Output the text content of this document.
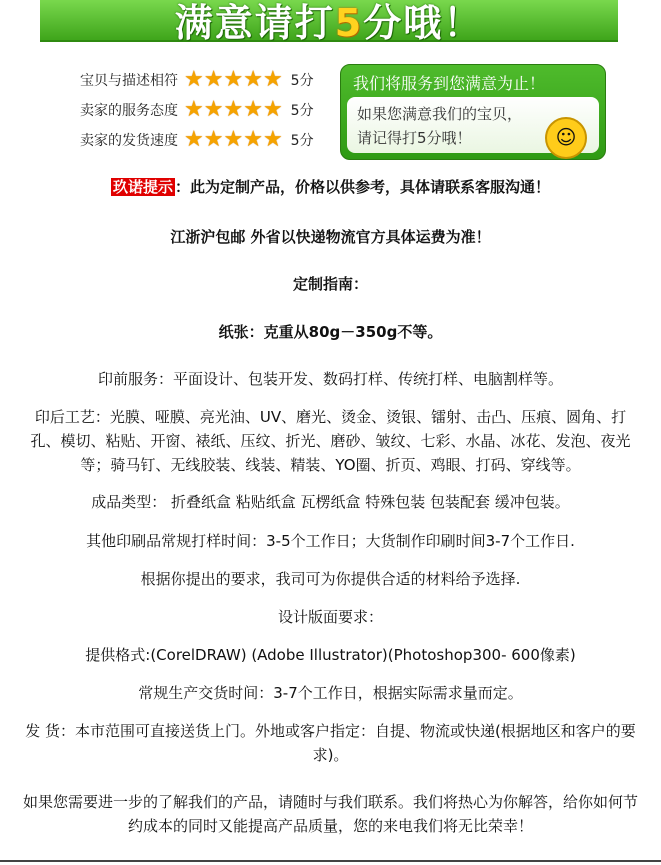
满意请打5分哦！
宝贝与描述相符 ★ ★ ★ ★ ★ 5分
卖家的服务态度 ★ ★ ★ ★ ★ 5分
卖家的发货速度 ★ ★ ★ ★ ★ 5分
我们将服务到您满意为止！
如果您满意我们的宝贝，
请记得打5分哦！	☺
玖诺提示 ：此为定制产品，价格以供参考，具体请联系客服沟通！
江浙沪包邮 外省以快递物流官方具体运费为准！
定制指南：
纸张：克重从80g－350g不等。
印前服务：平面设计、包装开发、数码打样、传统打样、电脑割样等。
印后工艺：光膜、哑膜、亮光油、UV、磨光、烫金、烫银、镭射、击凸、压痕、圆角、打
孔、模切、粘贴、开窗、裱纸、压纹、折光、磨砂、皱纹、七彩、水晶、冰花、发泡、夜光
等；骑马钉、无线胶装、线装、精装、YO圈、折页、鸡眼、打码、穿线等。
成品类型： 折叠纸盒 粘贴纸盒 瓦楞纸盒 特殊包装 包装配套 缓冲包装。
其他印刷品常规打样时间：3-5个工作日；大货制作印刷时间3-7个工作日.
根据你提出的要求，我司可为你提供合适的材料给予选择.
设计版面要求：
提供格式:(CorelDRAW) (Adobe Illustrator)(Photoshop300- 600像素)
常规生产交货时间：3-7个工作日，根据实际需求量而定。
发 货：本市范围可直接送货上门。外地或客户指定：自提、物流或快递(根据地区和客户的要
求)。
如果您需要进一步的了解我们的产品，请随时与我们联系。我们将热心为你解答，给你如何节
约成本的同时又能提高产品质量，您的来电我们将无比荣幸！
